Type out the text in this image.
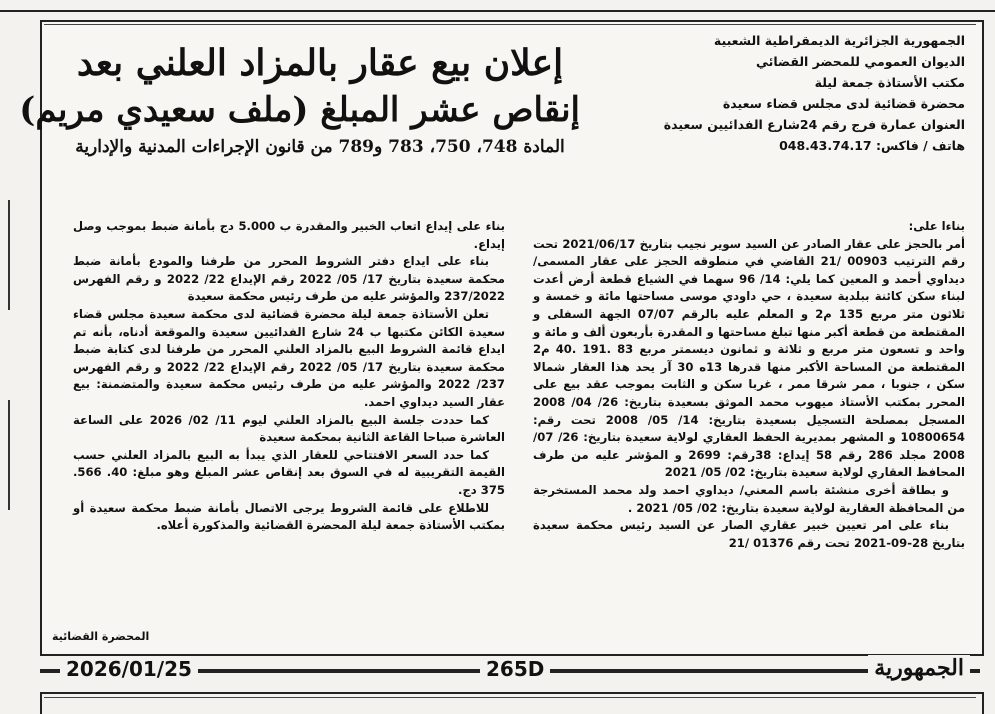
الجمهورية الجزائرية الديمقراطية الشعبية
الديوان العمومي للمحضر القضائي
مكتب الأستاذة جمعة ليلة
محضرة قضائية لدى مجلس قضاء سعيدة
العنوان عمارة فرج رقم 24شارع الفدائيين سعيدة
هاتف / فاكس: 048.43.74.17
إعلان بيع عقار بالمزاد العلني بعد
إنقاص عشر المبلغ (ملف سعيدي مريم)
المادة 748، 750، 783 و789 من قانون الإجراءات المدنية والإدارية

بناءا على:

أمر بالحجز على عقار الصادر عن السيد سوير نجيب بتاريخ 2021/06/17 تحت رقم الترتيب 00903 /21 القاضي في منطوقه الحجز على عقار المسمى/ديداوي أحمد و المعين كما يلي: 14/ 96 سهما في الشياع قطعة أرض أعدت لبناء سكن كائنة ببلدية سعيدة ، حي داودي موسى مساحتها مائة و خمسة و ثلاثون متر مربع 135 م2 و المعلم عليه بالرقم 07/07 الجهة السفلى و المقتطعة من قطعة أكبر منها تبلغ مساحتها و المقدرة بأربعون ألف و مائة و واحد و تسعون متر مربع و ثلاثة و ثمانون ديسمتر مربع 83 .191 .40 م2 المقتطعة من المساحة الأكبر منها قدرها 13ه 30 آر يحد هذا العقار شمالا سكن ، جنوبا ، ممر شرقا ممر ، غربا سكن و الثابت بموجب عقد بيع على المحرر بمكتب الأستاذ ميهوب محمد الموثق بسعيدة بتاريخ: 26/ 04/ 2008 المسجل بمصلحة التسجيل بسعيدة بتاريخ: 14/ 05/ 2008 تحت رقم: 10800654 و المشهر بمديرية الحفظ العقاري لولاية سعيدة بتاريخ: 26/ 07/ 2008 مجلد 286 رقم 58 إيداع: 38رقم: 2699 و المؤشر عليه من طرف المحافظ العقاري لولاية سعيدة بتاريخ: 02/ 05/ 2021

و بطاقة أخرى منشئة باسم المعني/ ديداوي احمد ولد محمد المستخرجة من المحافظة العقارية لولاية سعيدة بتاريخ: 02/ 05/ 2021 .

بناء على امر تعيين خبير عقاري الصار عن السيد رئيس محكمة سعيدة بتاريخ 28-09-2021 تحت رقم 01376 /21

بناء على إيداع اتعاب الخبير والمقدرة ب 5.000 دج بأمانة ضبط بموجب وصل إيداع.

بناء على ايداع دفتر الشروط المحرر من طرفنا والمودع بأمانة ضبط محكمة سعيدة بتاريخ 17/ 05/ 2022 رقم الإيداع 22/ 2022 و رقم الفهرس 237/2022 والمؤشر عليه من طرف رئيس محكمة سعيدة

تعلن الأستاذة جمعة ليلة محضرة قضائية لدى محكمة سعيدة مجلس قضاء سعيدة الكائن مكتبها ب 24 شارع الفدائيين سعيدة والموقعة أدناه، بأنه تم ايداع قائمة الشروط البيع بالمزاد العلني المحرر من طرفنا لدى كتابة ضبط محكمة سعيدة بتاريخ 17/ 05/ 2022 رقم الإيداع 22/ 2022 و رقم الفهرس 237/ 2022 والمؤشر عليه من طرف رئيس محكمة سعيدة والمتضمنة: بيع عقار السيد ديداوي احمد.

كما حددت جلسة البيع بالمزاد العلني ليوم 11/ 02/ 2026 على الساعة العاشرة صباحا القاعة الثانية بمحكمة سعيدة

كما حدد السعر الافتتاحي للعقار الذي يبدأ به البيع بالمزاد العلني حسب القيمة التقريبية له في السوق بعد إنقاص عشر المبلغ وهو مبلغ: 40. 566. 375 دج.

للاطلاع على قائمة الشروط يرجى الاتصال بأمانة ضبط محكمة سعيدة أو بمكتب الأستاذة جمعة ليلة المحضرة القضائية والمذكورة أعلاه.

المحضرة القضائية
2026/01/25	265D	الجمهورية
